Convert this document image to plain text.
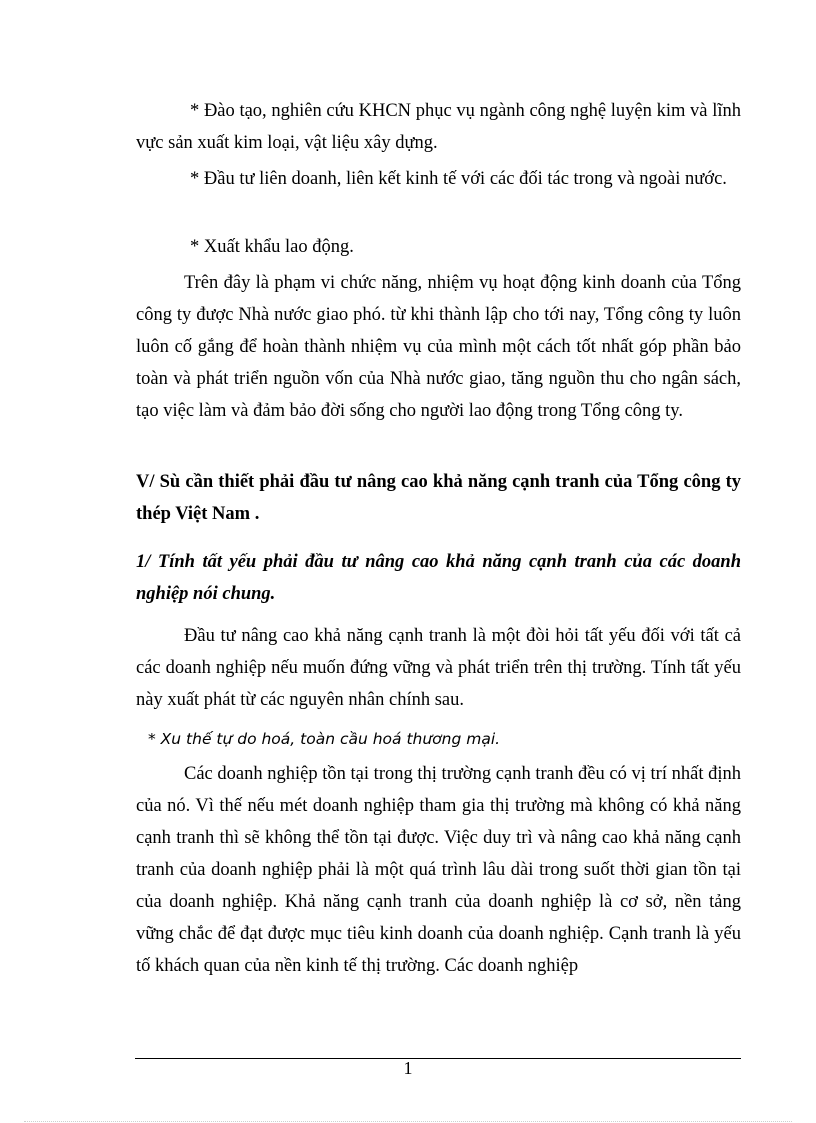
* Đào tạo, nghiên cứu KHCN phục vụ ngành công nghệ luyện kim và lĩnh vực sản xuất kim loại, vật liệu xây dựng.

* Đầu tư liên doanh, liên kết kinh tế với các đối tác trong và ngoài nước.

* Xuất khẩu lao động.

Trên đây là phạm vi chức năng, nhiệm vụ hoạt động kinh doanh của Tổng công ty được Nhà nước giao phó. từ khi thành lập cho tới nay, Tổng công ty luôn luôn cố gắng để hoàn thành nhiệm vụ của mình một cách tốt nhất góp phần bảo toàn và phát triển nguồn vốn của Nhà nước giao, tăng nguồn thu cho ngân sách, tạo việc làm và đảm bảo đời sống cho người lao động trong Tổng công ty.

V/ Sù cần thiết phải đầu tư nâng cao khả năng cạnh tranh của Tổng công ty thép Việt Nam .

1/ Tính tất yếu phải đầu tư nâng cao khả năng cạnh tranh của các doanh nghiệp nói chung.

Đầu tư nâng cao khả năng cạnh tranh là một đòi hỏi tất yếu đối với tất cả các doanh nghiệp nếu muốn đứng vững và phát triển trên thị trường. Tính tất yếu này xuất phát từ các nguyên nhân chính sau.

* Xu thế tự do hoá, toàn cầu hoá thương mại.

Các doanh nghiệp tồn tại trong thị trường cạnh tranh đều có vị trí nhất định của nó. Vì thế nếu mét doanh nghiệp tham gia thị trường mà không có khả năng cạnh tranh thì sẽ không thể tồn tại được. Việc duy trì và nâng cao khả năng cạnh tranh của doanh nghiệp phải là một quá trình lâu dài trong suốt thời gian tồn tại của doanh nghiệp. Khả năng cạnh tranh của doanh nghiệp là cơ sở, nền tảng vững chắc để đạt được mục tiêu kinh doanh của doanh nghiệp. Cạnh tranh là yếu tố khách quan của nền kinh tế thị trường. Các doanh nghiệp

1
